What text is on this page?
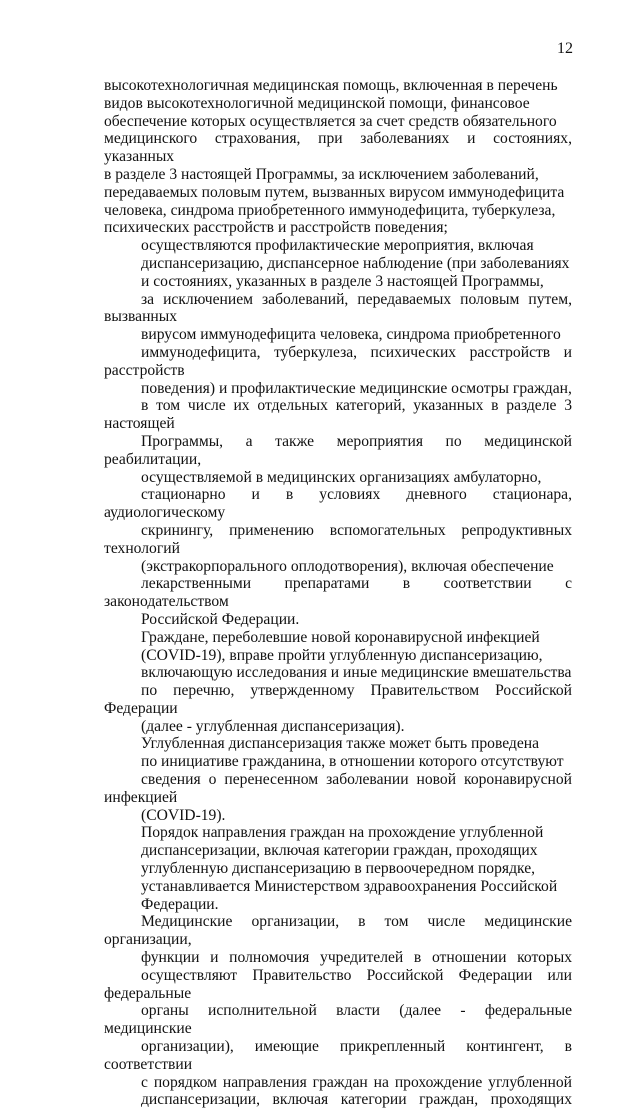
12

высокотехнологичная медицинская помощь, включенная в перечень
видов высокотехнологичной медицинской помощи, финансовое
обеспечение которых осуществляется за счет средств обязательного
медицинского страхования, при заболеваниях и состояниях, указанных
в разделе 3 настоящей Программы, за исключением заболеваний,
передаваемых половым путем, вызванных вирусом иммунодефицита
человека, синдрома приобретенного иммунодефицита, туберкулеза,
психических расстройств и расстройств поведения;

осуществляются профилактические мероприятия, включая
диспансеризацию, диспансерное наблюдение (при заболеваниях
и состояниях, указанных в разделе 3 настоящей Программы,
за исключением заболеваний, передаваемых половым путем, вызванных
вирусом иммунодефицита человека, синдрома приобретенного
иммунодефицита, туберкулеза, психических расстройств и расстройств
поведения) и профилактические медицинские осмотры граждан,
в том числе их отдельных категорий, указанных в разделе 3 настоящей
Программы, а также мероприятия по медицинской реабилитации,
осуществляемой в медицинских организациях амбулаторно,
стационарно и в условиях дневного стационара, аудиологическому
скринингу, применению вспомогательных репродуктивных технологий
(экстракорпорального оплодотворения), включая обеспечение
лекарственными препаратами в соответствии с законодательством
Российской Федерации.

Граждане, переболевшие новой коронавирусной инфекцией
(COVID-19), вправе пройти углубленную диспансеризацию,
включающую исследования и иные медицинские вмешательства
по перечню, утвержденному Правительством Российской Федерации
(далее - углубленная диспансеризация).

Углубленная диспансеризация также может быть проведена
по инициативе гражданина, в отношении которого отсутствуют
сведения о перенесенном заболевании новой коронавирусной инфекцией
(COVID-19).

Порядок направления граждан на прохождение углубленной
диспансеризации, включая категории граждан, проходящих
углубленную диспансеризацию в первоочередном порядке,
устанавливается Министерством здравоохранения Российской
Федерации.

Медицинские организации, в том числе медицинские организации,
функции и полномочия учредителей в отношении которых
осуществляют Правительство Российской Федерации или федеральные
органы исполнительной власти (далее - федеральные медицинские
организации), имеющие прикрепленный контингент, в соответствии
с порядком направления граждан на прохождение углубленной
диспансеризации, включая категории граждан, проходящих
